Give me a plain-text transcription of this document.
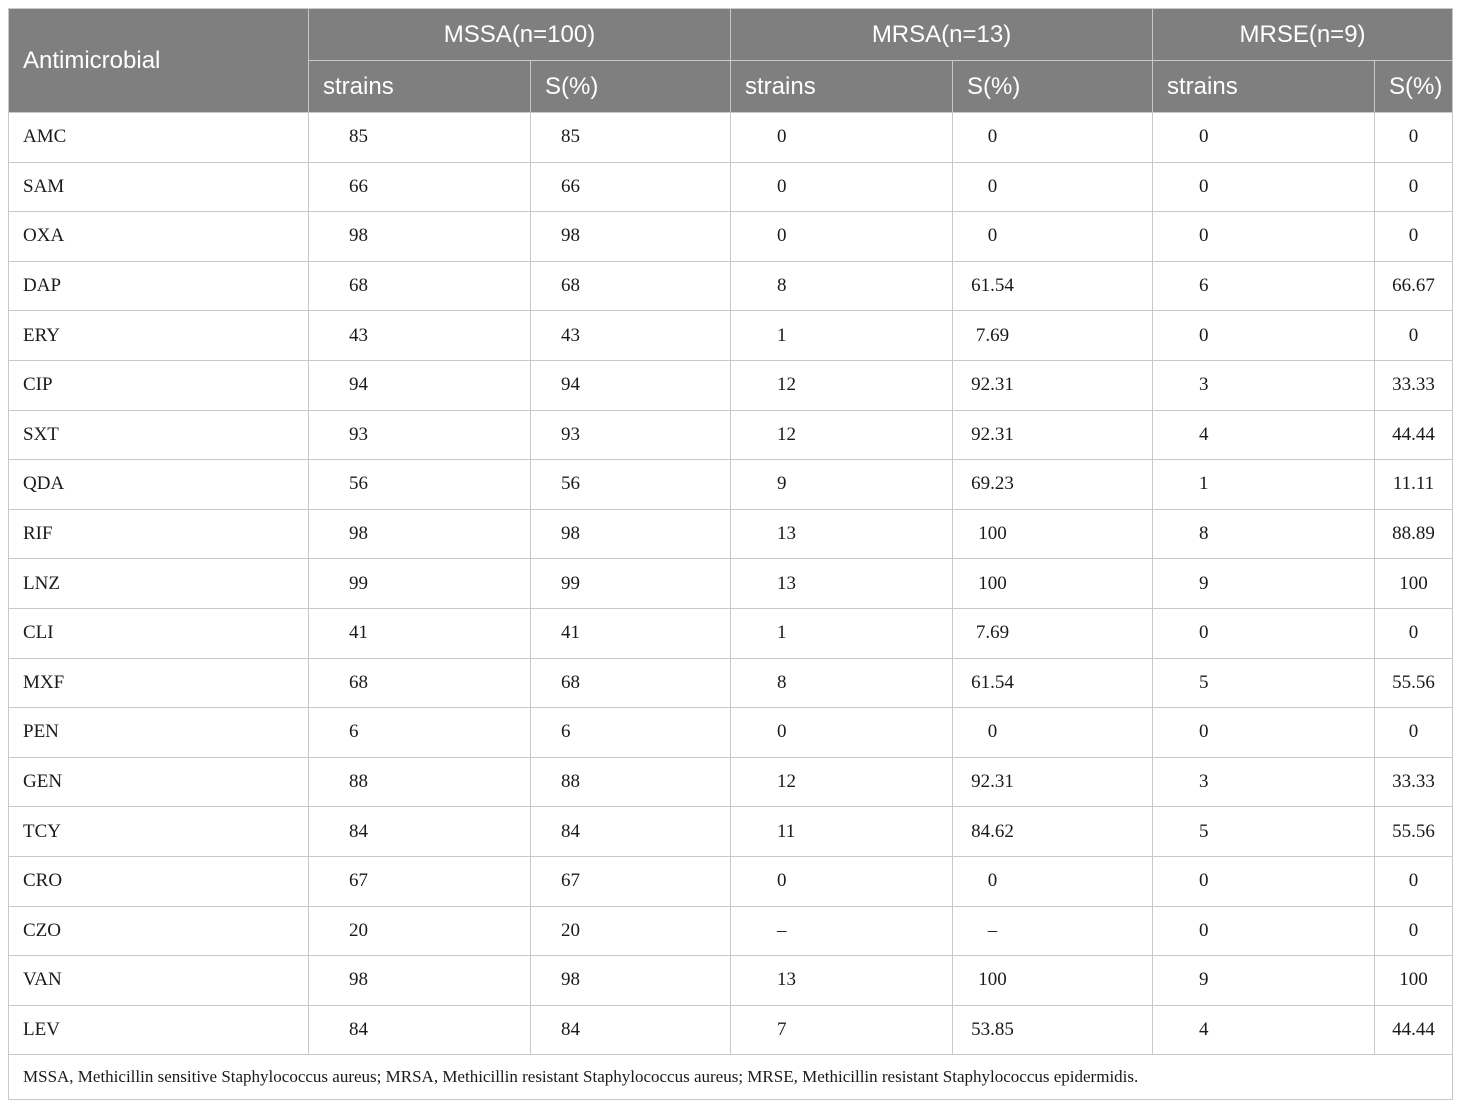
Antimicrobial	MSSA(n=100)		MRSA(n=13)		MRSE(n=9)	
	strains	S(%)	strains	S(%)	strains	S(%)
AMC	85	85	0	0	0	0
SAM	66	66	0	0	0	0
OXA	98	98	0	0	0	0
DAP	68	68	8	61.54	6	66.67
ERY	43	43	1	7.69	0	0
CIP	94	94	12	92.31	3	33.33
SXT	93	93	12	92.31	4	44.44
QDA	56	56	9	69.23	1	11.11
RIF	98	98	13	100	8	88.89
LNZ	99	99	13	100	9	100
CLI	41	41	1	7.69	0	0
MXF	68	68	8	61.54	5	55.56
PEN	6	6	0	0	0	0
GEN	88	88	12	92.31	3	33.33
TCY	84	84	11	84.62	5	55.56
CRO	67	67	0	0	0	0
CZO	20	20	–	–	0	0
VAN	98	98	13	100	9	100
LEV	84	84	7	53.85	4	44.44
MSSA, Methicillin sensitive Staphylococcus aureus; MRSA, Methicillin resistant Staphylococcus aureus; MRSE, Methicillin resistant Staphylococcus epidermidis.						
